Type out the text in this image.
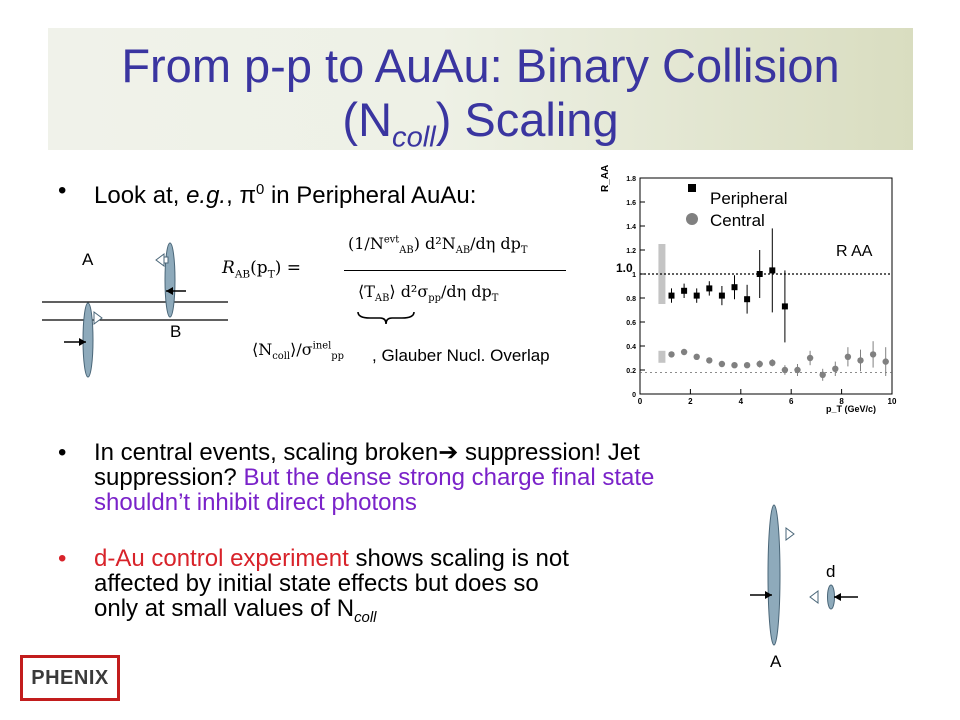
From p-p to AuAu: Binary Collision
$(N_{coll})$ Scaling
• Look at, e.g., $\pi^0$ in Peripheral AuAu:
A
B
$R_{AB}(p_T)$ =
$(1/N^{evt}_{AB})$ $d^2N_{AB}/d\eta$ $dp_T$
$⟨T_{AB}⟩$ $d^2\sigma_{pp}/d\eta$ $dp_T$
$⟨N_{coll}⟩/\sigma^{inel}_{pp}$ , Glauber Nucl. Overlap
0
0.2
0.4
0.6
0.8
1
1.2
1.4
1.6
1.8
0	2	4	6	8	10
R_AA
p_T (GeV/c)
1.0
Peripheral
Central
R AA
• In central events, scaling broken➔ suppression! Jet
suppression? But the dense strong charge final state
shouldn’t inhibit direct photons
• d-Au control experiment shows scaling is not
affected by initial state effects but does so
only at small values of $N_{coll}$
d
A
PHENIX
